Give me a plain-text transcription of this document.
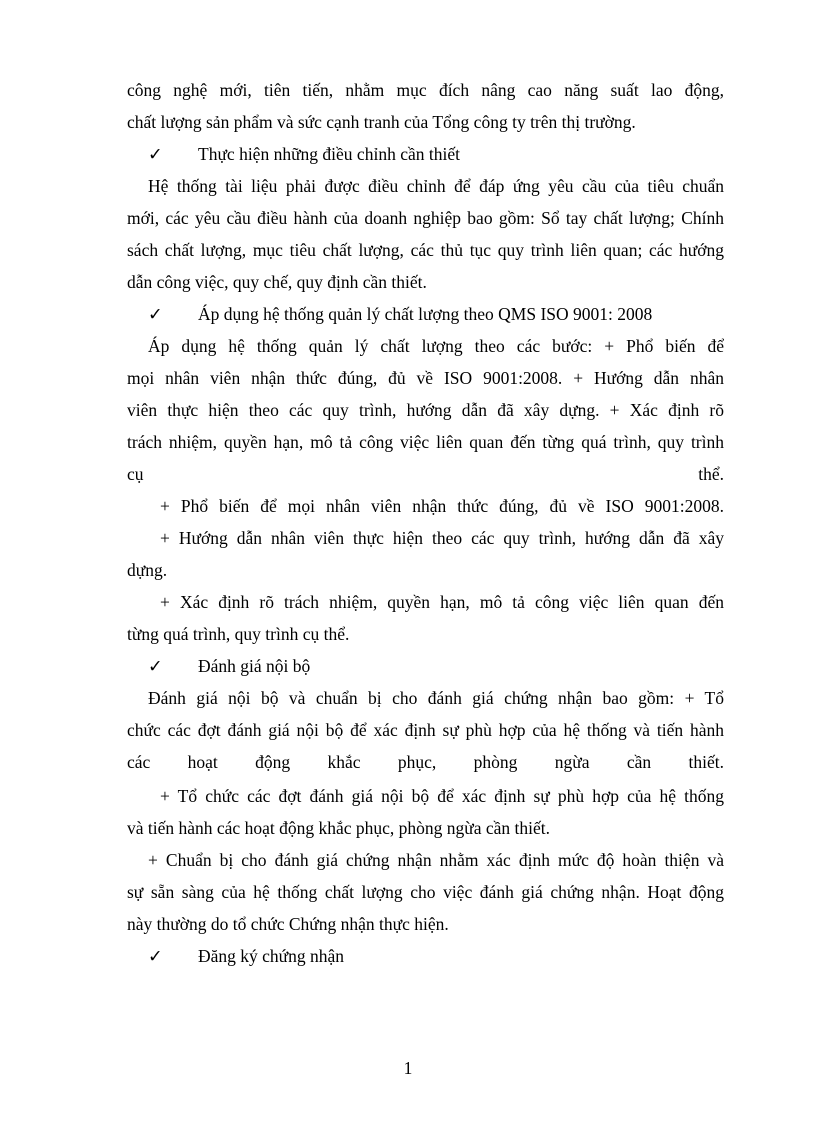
công nghệ mới, tiên tiến, nhằm mục đích nâng cao năng suất lao động,
chất lượng sản phẩm và sức cạnh tranh của Tổng công ty trên thị trường.
✓ Thực hiện những điều chỉnh cần thiết
Hệ thống tài liệu phải được điều chỉnh để đáp ứng yêu cầu của tiêu chuẩn
mới, các yêu cầu điều hành của doanh nghiệp bao gồm: Sổ tay chất lượng; Chính
sách chất lượng, mục tiêu chất lượng, các thủ tục quy trình liên quan; các hướng
dẫn công việc, quy chế, quy định cần thiết.
✓ Áp dụng hệ thống quản lý chất lượng theo QMS ISO 9001: 2008
Áp dụng hệ thống quản lý chất lượng theo các bước: + Phổ biến để
mọi nhân viên nhận thức đúng, đủ về ISO 9001:2008. + Hướng dẫn nhân
viên thực hiện theo các quy trình, hướng dẫn đã xây dựng. + Xác định rõ
trách nhiệm, quyền hạn, mô tả công việc liên quan đến từng quá trình, quy trình
cụ	thể.
+ Phổ biến để mọi nhân viên nhận thức đúng, đủ về ISO 9001:2008.
+ Hướng dẫn nhân viên thực hiện theo các quy trình, hướng dẫn đã xây
dựng.
+ Xác định rõ trách nhiệm, quyền hạn, mô tả công việc liên quan đến
từng quá trình, quy trình cụ thể.
✓ Đánh giá nội bộ
Đánh giá nội bộ và chuẩn bị cho đánh giá chứng nhận bao gồm: + Tổ
chức các đợt đánh giá nội bộ để xác định sự phù hợp của hệ thống và tiến hành
các hoạt động khắc phục, phòng ngừa cần thiết.
+ Tổ chức các đợt đánh giá nội bộ để xác định sự phù hợp của hệ thống
và tiến hành các hoạt động khắc phục, phòng ngừa cần thiết.
+ Chuẩn bị cho đánh giá chứng nhận nhằm xác định mức độ hoàn thiện và
sự sẵn sàng của hệ thống chất lượng cho việc đánh giá chứng nhận. Hoạt động
này thường do tổ chức Chứng nhận thực hiện.
✓ Đăng ký chứng nhận
1
